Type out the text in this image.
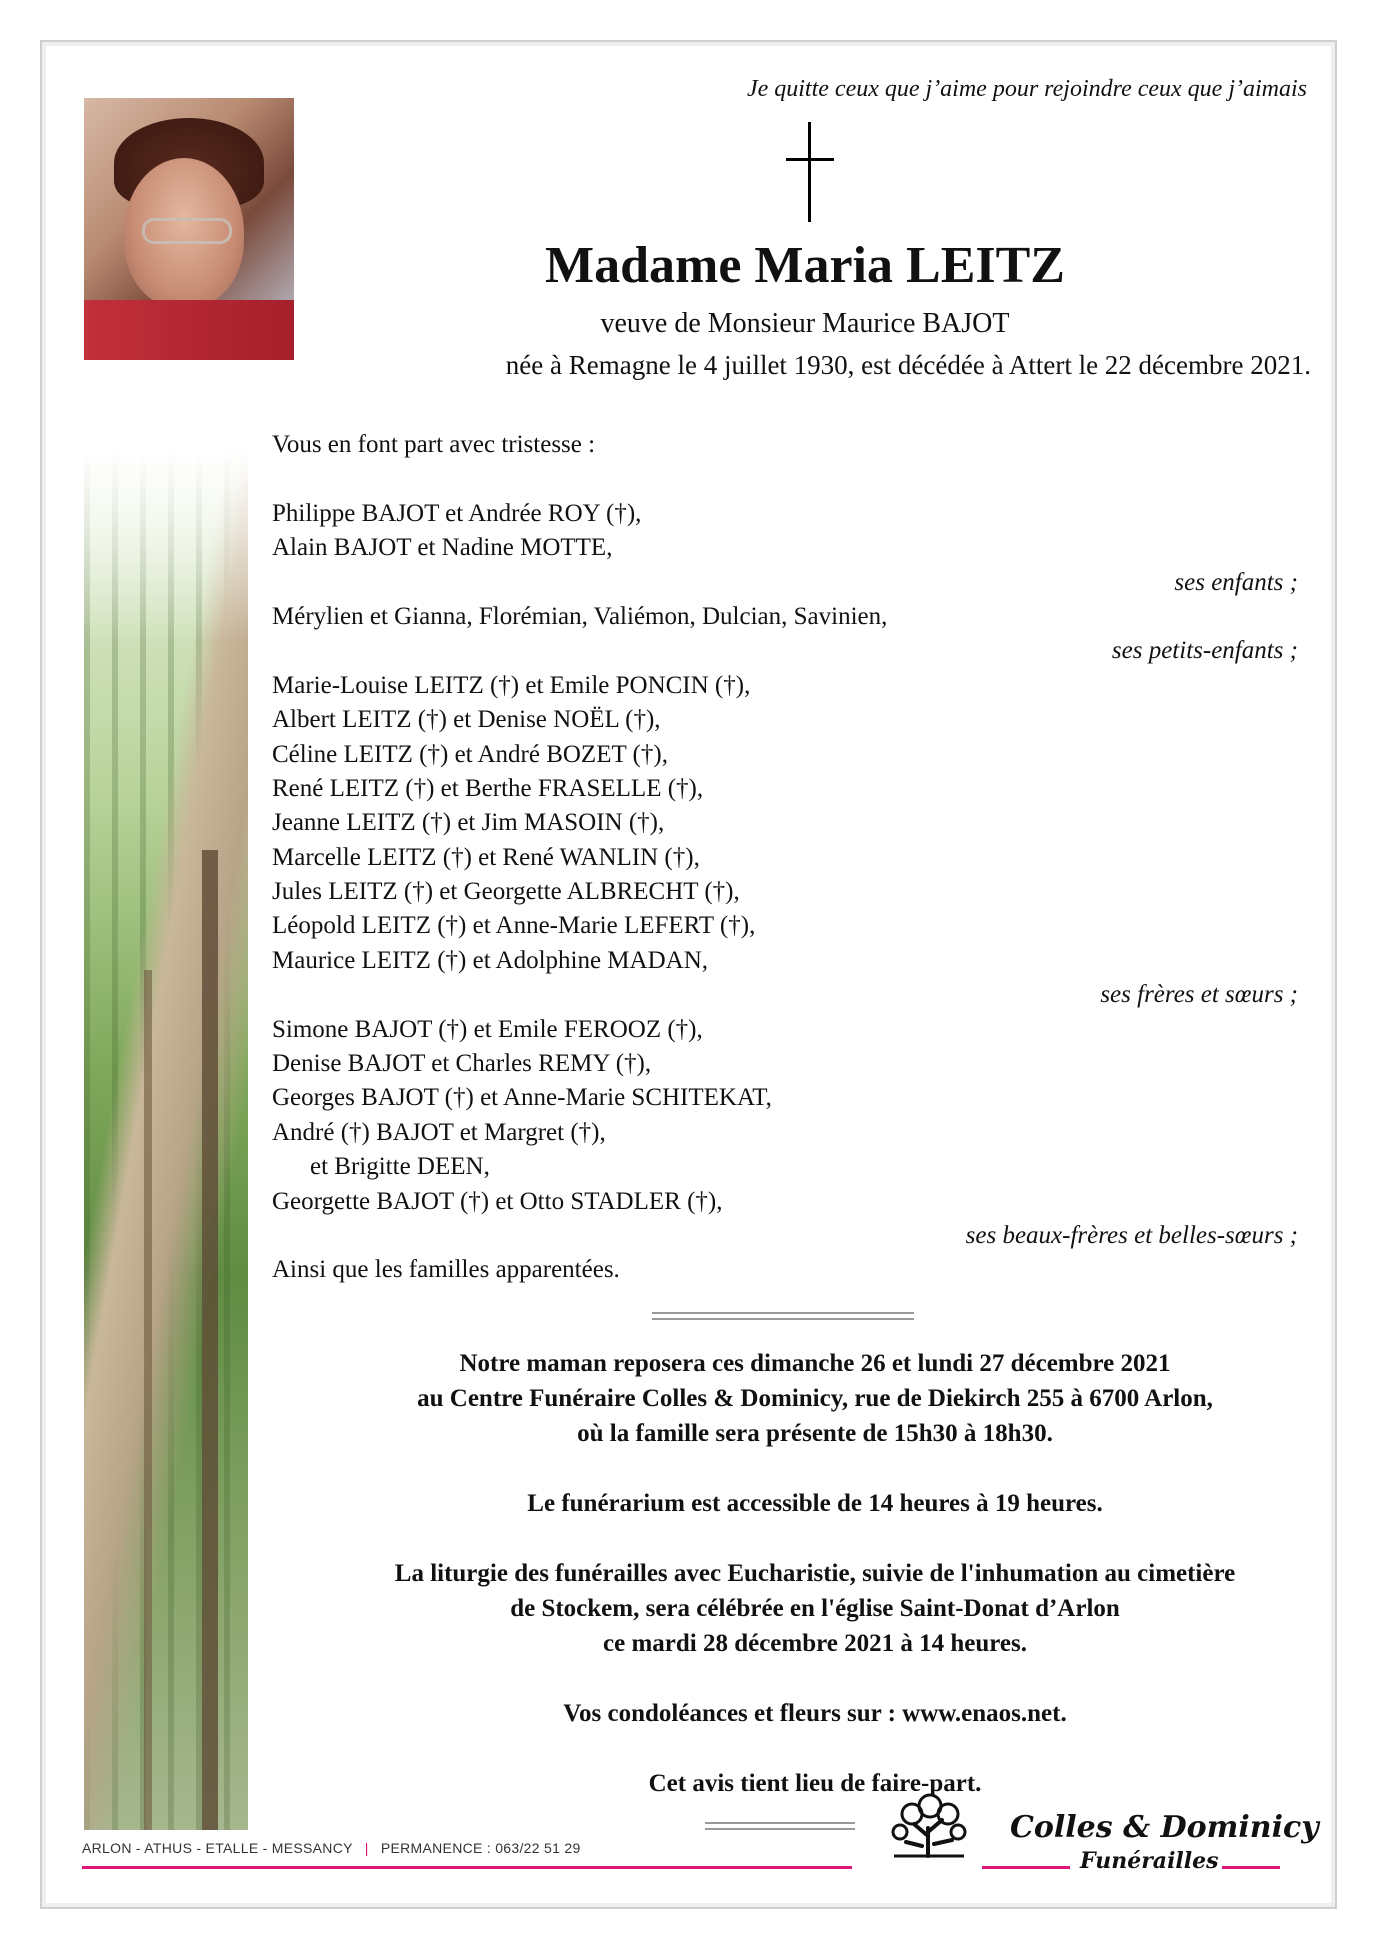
Je quitte ceux que j’aime pour rejoindre ceux que j’aimais
Madame Maria LEITZ
veuve de Monsieur Maurice BAJOT
née à Remagne le 4 juillet 1930, est décédée à Attert le 22 décembre 2021.
Vous en font part avec tristesse :
Philippe BAJOT et Andrée ROY (†),
Alain BAJOT et Nadine MOTTE,
ses enfants ;
Mérylien et Gianna, Florémian, Valiémon, Dulcian, Savinien,
ses petits-enfants ;
Marie-Louise LEITZ (†) et Emile PONCIN (†),
Albert LEITZ (†) et Denise NOËL (†),
Céline LEITZ (†) et André BOZET (†),
René LEITZ (†) et Berthe FRASELLE (†),
Jeanne LEITZ (†) et Jim MASOIN (†),
Marcelle LEITZ (†) et René WANLIN (†),
Jules LEITZ (†) et Georgette ALBRECHT (†),
Léopold LEITZ (†) et Anne-Marie LEFERT (†),
Maurice LEITZ (†) et Adolphine MADAN,
ses frères et sœurs ;
Simone BAJOT (†) et Emile FEROOZ (†),
Denise BAJOT et Charles REMY (†),
Georges BAJOT (†) et Anne-Marie SCHITEKAT,
André (†) BAJOT et Margret (†),
et Brigitte DEEN,
Georgette BAJOT (†) et Otto STADLER (†),
ses beaux-frères et belles-sœurs ;
Ainsi que les familles apparentées.
Notre maman reposera ces dimanche 26 et lundi 27 décembre 2021
au Centre Funéraire Colles & Dominicy, rue de Diekirch 255 à 6700 Arlon,
où la famille sera présente de 15h30 à 18h30.
Le funérarium est accessible de 14 heures à 19 heures.
La liturgie des funérailles avec Eucharistie, suivie de l'inhumation au cimetière
de Stockem, sera célébrée en l'église Saint-Donat d’Arlon
ce mardi 28 décembre 2021 à 14 heures.
Vos condoléances et fleurs sur : www.enaos.net.
Cet avis tient lieu de faire-part.
ARLON - ATHUS - ETALLE - MESSANCY | PERMANENCE : 063/22 51 29
Colles & Dominicy
Funérailles
